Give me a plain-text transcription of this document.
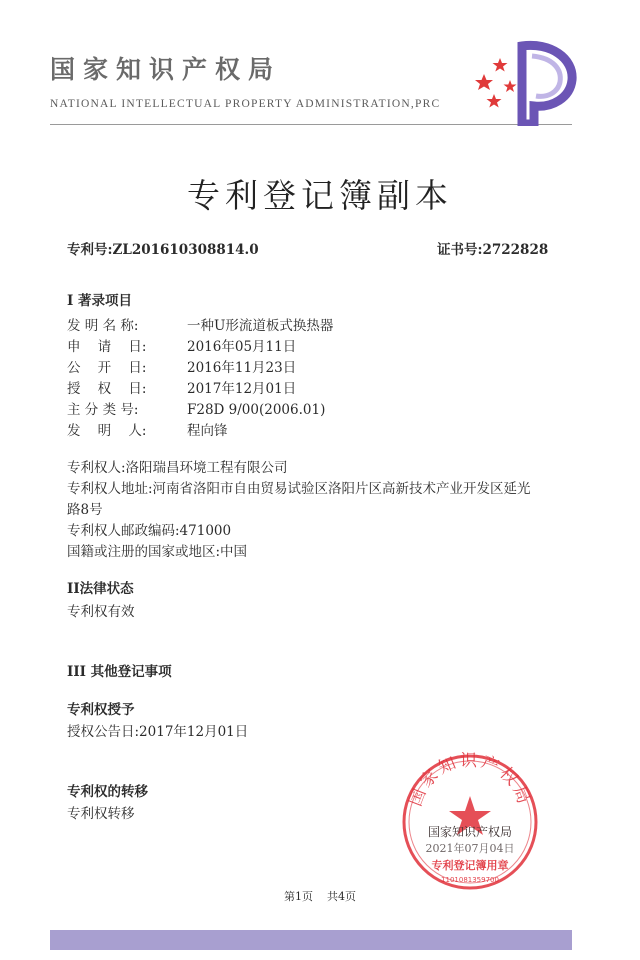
国家知识产权局
NATIONAL INTELLECTUAL PROPERTY ADMINISTRATION,PRC
专利登记簿副本
专利号:ZL201610308814.0	证书号:2722828
I 著录项目
发 明 名 称:	一种U形流道板式换热器
申    请    日:	2016年05月11日
公    开    日:	2016年11月23日
授    权    日:	2017年12月01日
主 分 类 号:	F28D 9/00(2006.01)
发    明    人:	程向锋
专利权人:洛阳瑞昌环境工程有限公司
专利权人地址:河南省洛阳市自由贸易试验区洛阳片区高新技术产业开发区延光
路8号
专利权人邮政编码:471000
国籍或注册的国家或地区:中国
II法律状态
专利权有效
III 其他登记事项
专利权授予
授权公告日:2017年12月01日
专利权的转移
专利权转移
第1页    共4页
国家知识产权局
国家知识产权局
2021年07月04日
专利登记簿用章
1101081359700
